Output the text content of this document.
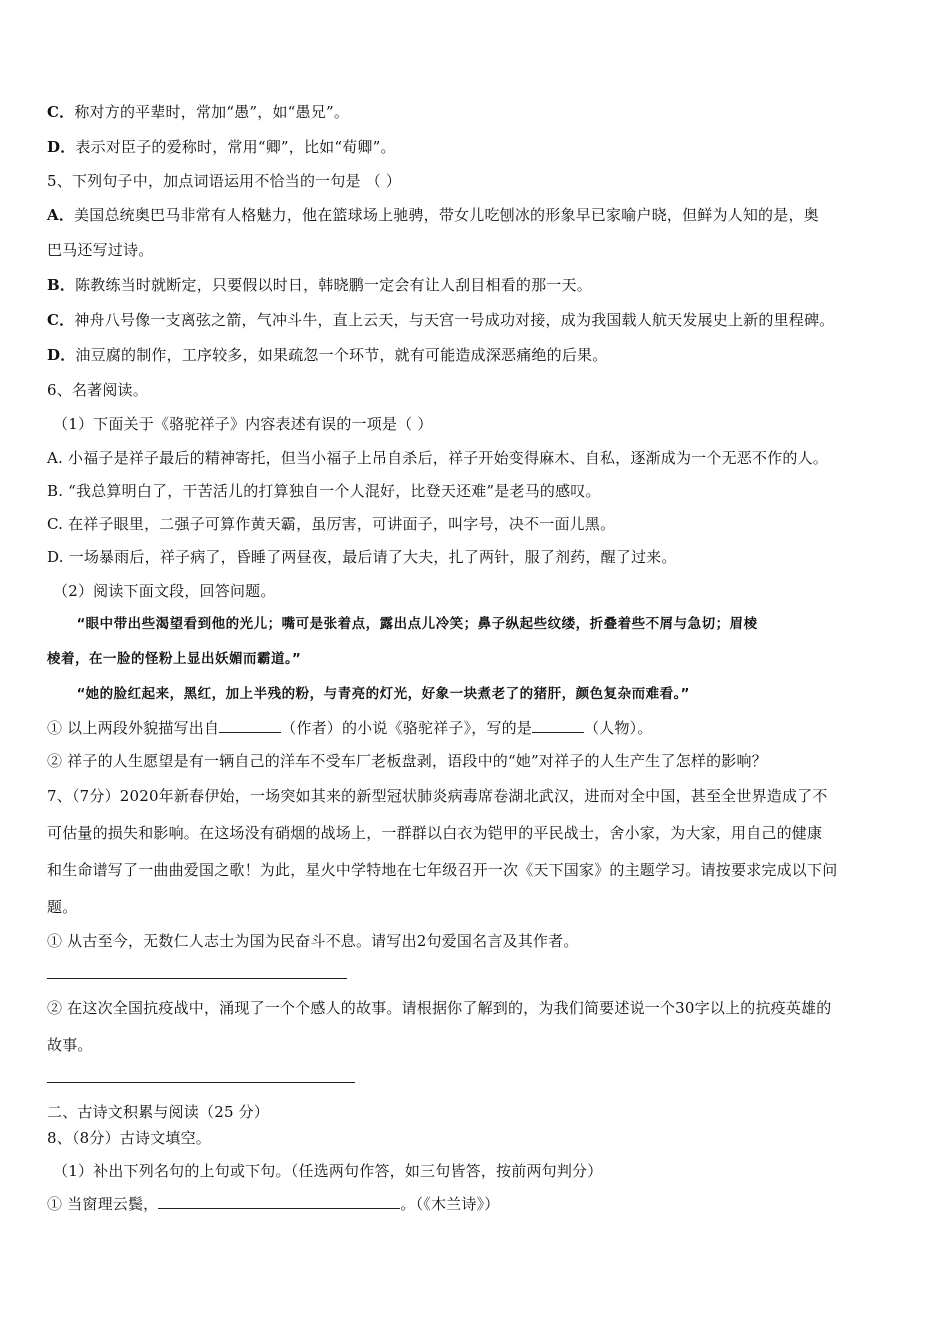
C．称对方的平辈时，常加“愚”，如“愚兄”。
D．表示对臣子的爱称时，常用“卿”，比如“荀卿”。
5、下列句子中，加点词语运用不恰当的一句是 （ ）
A．美国总统奥巴马非常有人格魅力，他在篮球场上驰骋，带女儿吃刨冰的形象早已家喻户晓，但鲜为人知的是，奥
巴马还写过诗。
B．陈教练当时就断定，只要假以时日，韩晓鹏一定会有让人刮目相看的那一天。
C．神舟八号像一支离弦之箭，气冲斗牛，直上云天，与天宫一号成功对接，成为我国载人航天发展史上新的里程碑。
D．油豆腐的制作，工序较多，如果疏忽一个环节，就有可能造成深恶痛绝的后果。
6、名著阅读。
（1）下面关于《骆驼祥子》内容表述有误的一项是（ ）
A. 小福子是祥子最后的精神寄托，但当小福子上吊自杀后，祥子开始变得麻木、自私，逐渐成为一个无恶不作的人。
B. “我总算明白了，干苦活儿的打算独自一个人混好，比登天还难”是老马的感叹。
C. 在祥子眼里，二强子可算作黄天霸，虽厉害，可讲面子，叫字号，决不一面儿黑。
D. 一场暴雨后，祥子病了，昏睡了两昼夜，最后请了大夫，扎了两针，服了剂药，醒了过来。
（2）阅读下面文段，回答问题。
“眼中带出些渴望看到他的光儿；嘴可是张着点，露出点儿冷笑；鼻子纵起些纹缕，折叠着些不屑与急切；眉棱
棱着，在一脸的怪粉上显出妖媚而霸道。”
“她的脸红起来，黑红，加上半残的粉，与青亮的灯光，好象一块煮老了的猪肝，颜色复杂而难看。”
① 以上两段外貌描写出自	（作者）的小说《骆驼祥子》，写的是	（人物）。
② 祥子的人生愿望是有一辆自己的洋车不受车厂老板盘剥，语段中的“她”对祥子的人生产生了怎样的影响？
7、（7分）2020年新春伊始，一场突如其来的新型冠状肺炎病毒席卷湖北武汉，进而对全中国，甚至全世界造成了不
可估量的损失和影响。在这场没有硝烟的战场上，一群群以白衣为铠甲的平民战士，舍小家，为大家，用自己的健康
和生命谱写了一曲曲爱国之歌！为此，星火中学特地在七年级召开一次《天下国家》的主题学习。请按要求完成以下问
题。
① 从古至今，无数仁人志士为国为民奋斗不息。请写出2句爱国名言及其作者。
② 在这次全国抗疫战中，涌现了一个个感人的故事。请根据你了解到的，为我们简要述说一个30字以上的抗疫英雄的
故事。
二、古诗文积累与阅读（25 分）
8、（8分）古诗文填空。
（1）补出下列名句的上句或下句。（任选两句作答，如三句皆答，按前两句判分）
① 当窗理云鬓，	。（《木兰诗》）
